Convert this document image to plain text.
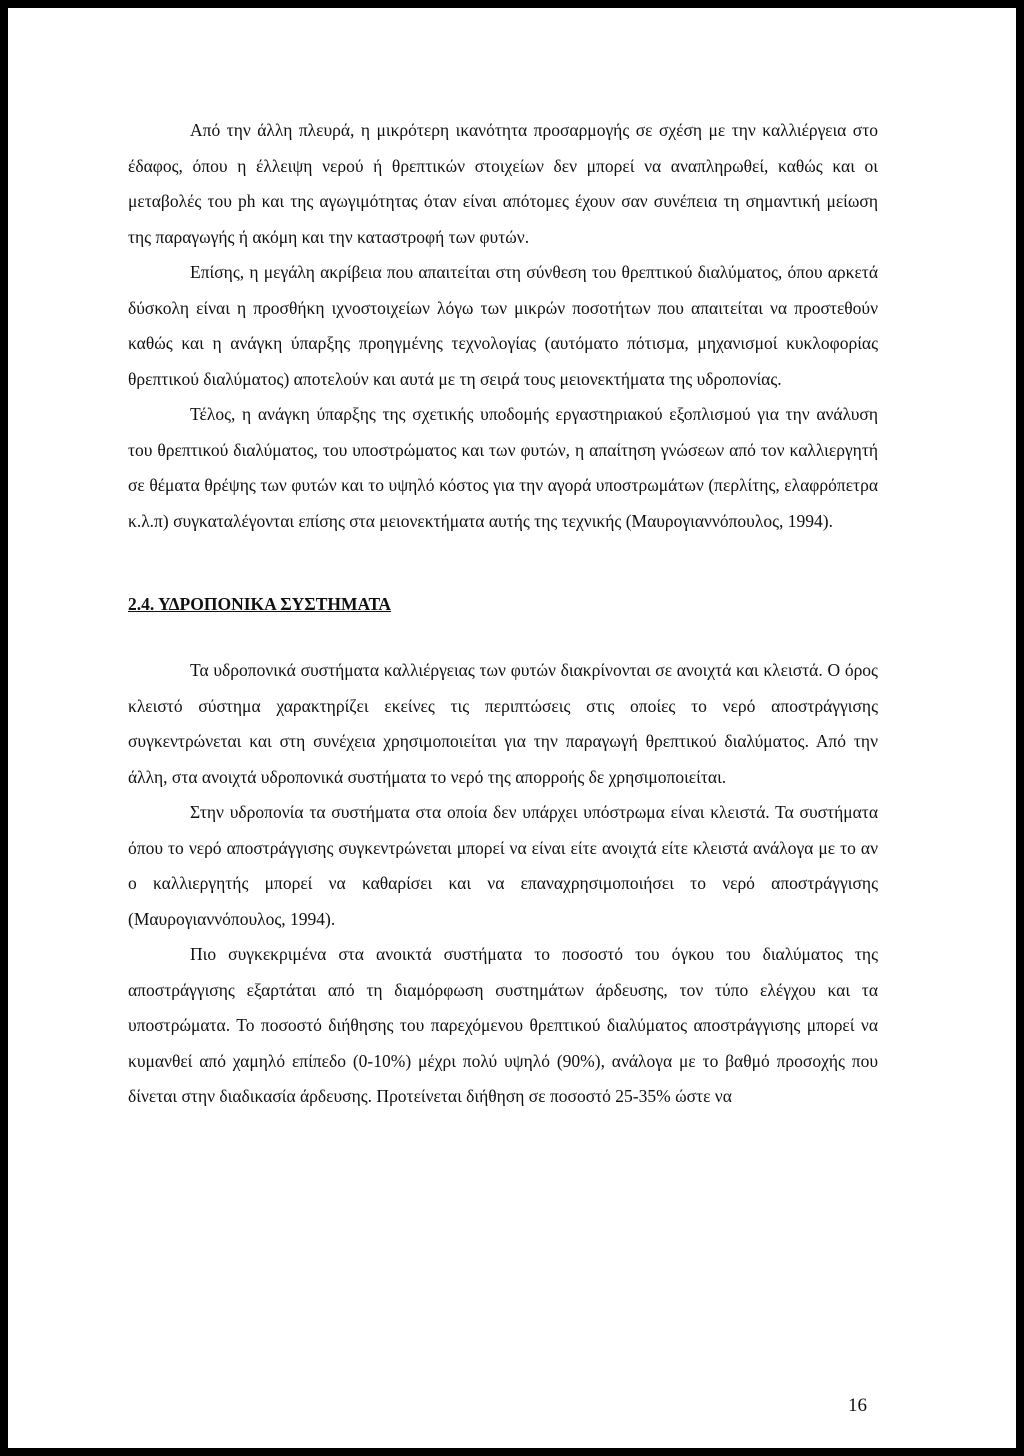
Από την άλλη πλευρά, η μικρότερη ικανότητα προσαρμογής σε σχέση με την καλλιέργεια στο έδαφος, όπου η έλλειψη νερού ή θρεπτικών στοιχείων δεν μπορεί να αναπληρωθεί, καθώς και οι μεταβολές του ph και της αγωγιμότητας όταν είναι απότομες έχουν σαν συνέπεια τη σημαντική μείωση της παραγωγής ή ακόμη και την καταστροφή των φυτών.

Επίσης, η μεγάλη ακρίβεια που απαιτείται στη σύνθεση του θρεπτικού διαλύματος, όπου αρκετά δύσκολη είναι η προσθήκη ιχνοστοιχείων λόγω των μικρών ποσοτήτων που απαιτείται να προστεθούν καθώς και η ανάγκη ύπαρξης προηγμένης τεχνολογίας (αυτόματο πότισμα, μηχανισμοί κυκλοφορίας θρεπτικού διαλύματος) αποτελούν και αυτά με τη σειρά τους μειονεκτήματα της υδροπονίας.

Τέλος, η ανάγκη ύπαρξης της σχετικής υποδομής εργαστηριακού εξοπλισμού για την ανάλυση του θρεπτικού διαλύματος, του υποστρώματος και των φυτών, η απαίτηση γνώσεων από τον καλλιεργητή σε θέματα θρέψης των φυτών και το υψηλό κόστος για την αγορά υποστρωμάτων (περλίτης, ελαφρόπετρα κ.λ.π) συγκαταλέγονται επίσης στα μειονεκτήματα αυτής της τεχνικής (Μαυρογιαννόπουλος, 1994).

2.4. ΥΔΡΟΠΟΝΙΚΑ ΣΥΣΤΗΜΑΤΑ

Τα υδροπονικά συστήματα καλλιέργειας των φυτών διακρίνονται σε ανοιχτά και κλειστά. Ο όρος κλειστό σύστημα χαρακτηρίζει εκείνες τις περιπτώσεις στις οποίες το νερό αποστράγγισης συγκεντρώνεται και στη συνέχεια χρησιμοποιείται για την παραγωγή θρεπτικού διαλύματος. Από την άλλη, στα ανοιχτά υδροπονικά συστήματα το νερό της απορροής δε χρησιμοποιείται.

Στην υδροπονία τα συστήματα στα οποία δεν υπάρχει υπόστρωμα είναι κλειστά. Τα συστήματα όπου το νερό αποστράγγισης συγκεντρώνεται μπορεί να είναι είτε ανοιχτά είτε κλειστά ανάλογα με το αν ο καλλιεργητής μπορεί να καθαρίσει και να επαναχρησιμοποιήσει το νερό αποστράγγισης (Μαυρογιαννόπουλος, 1994).

Πιο συγκεκριμένα στα ανοικτά συστήματα το ποσοστό του όγκου του διαλύματος της αποστράγγισης εξαρτάται από τη διαμόρφωση συστημάτων άρδευσης, τον τύπο ελέγχου και τα υποστρώματα. Το ποσοστό διήθησης του παρεχόμενου θρεπτικού διαλύματος αποστράγγισης μπορεί να κυμανθεί από χαμηλό επίπεδο (0-10%) μέχρι πολύ υψηλό (90%), ανάλογα με το βαθμό προσοχής που δίνεται στην διαδικασία άρδευσης. Προτείνεται διήθηση σε ποσοστό 25-35% ώστε να

16
